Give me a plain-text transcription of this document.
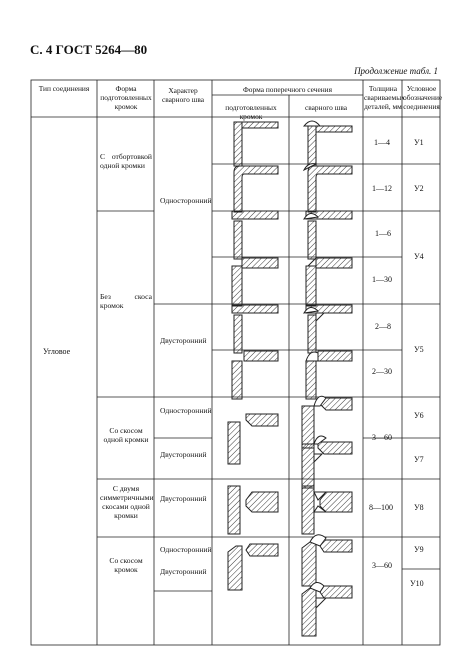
С. 4 ГОСТ 5264—80
Продолжение табл. 1
Тип соединения	Форма подготовленных кромок
Характер сварного шва
Форма поперечного сечения
подготовленных кромок
сварного шва
Толщина свариваемых деталей, мм
Условное обозначение соединения
Угловое
С отбортовкой одной кромки
Без скоса кромок
Со скосом одной кромки
С двумя симметричными скосами одной кромки
Со скосом кромок
Односторонний
Двусторонний
Односторонний
Двусторонний
Двусторонний
Односторонний
Двусторонний
1—4
1—12
1—6
1—30
2—8
2—30
3—60
8—100
3—60
У1
У2
У4
У5
У6
У7
У8
У9
У10
